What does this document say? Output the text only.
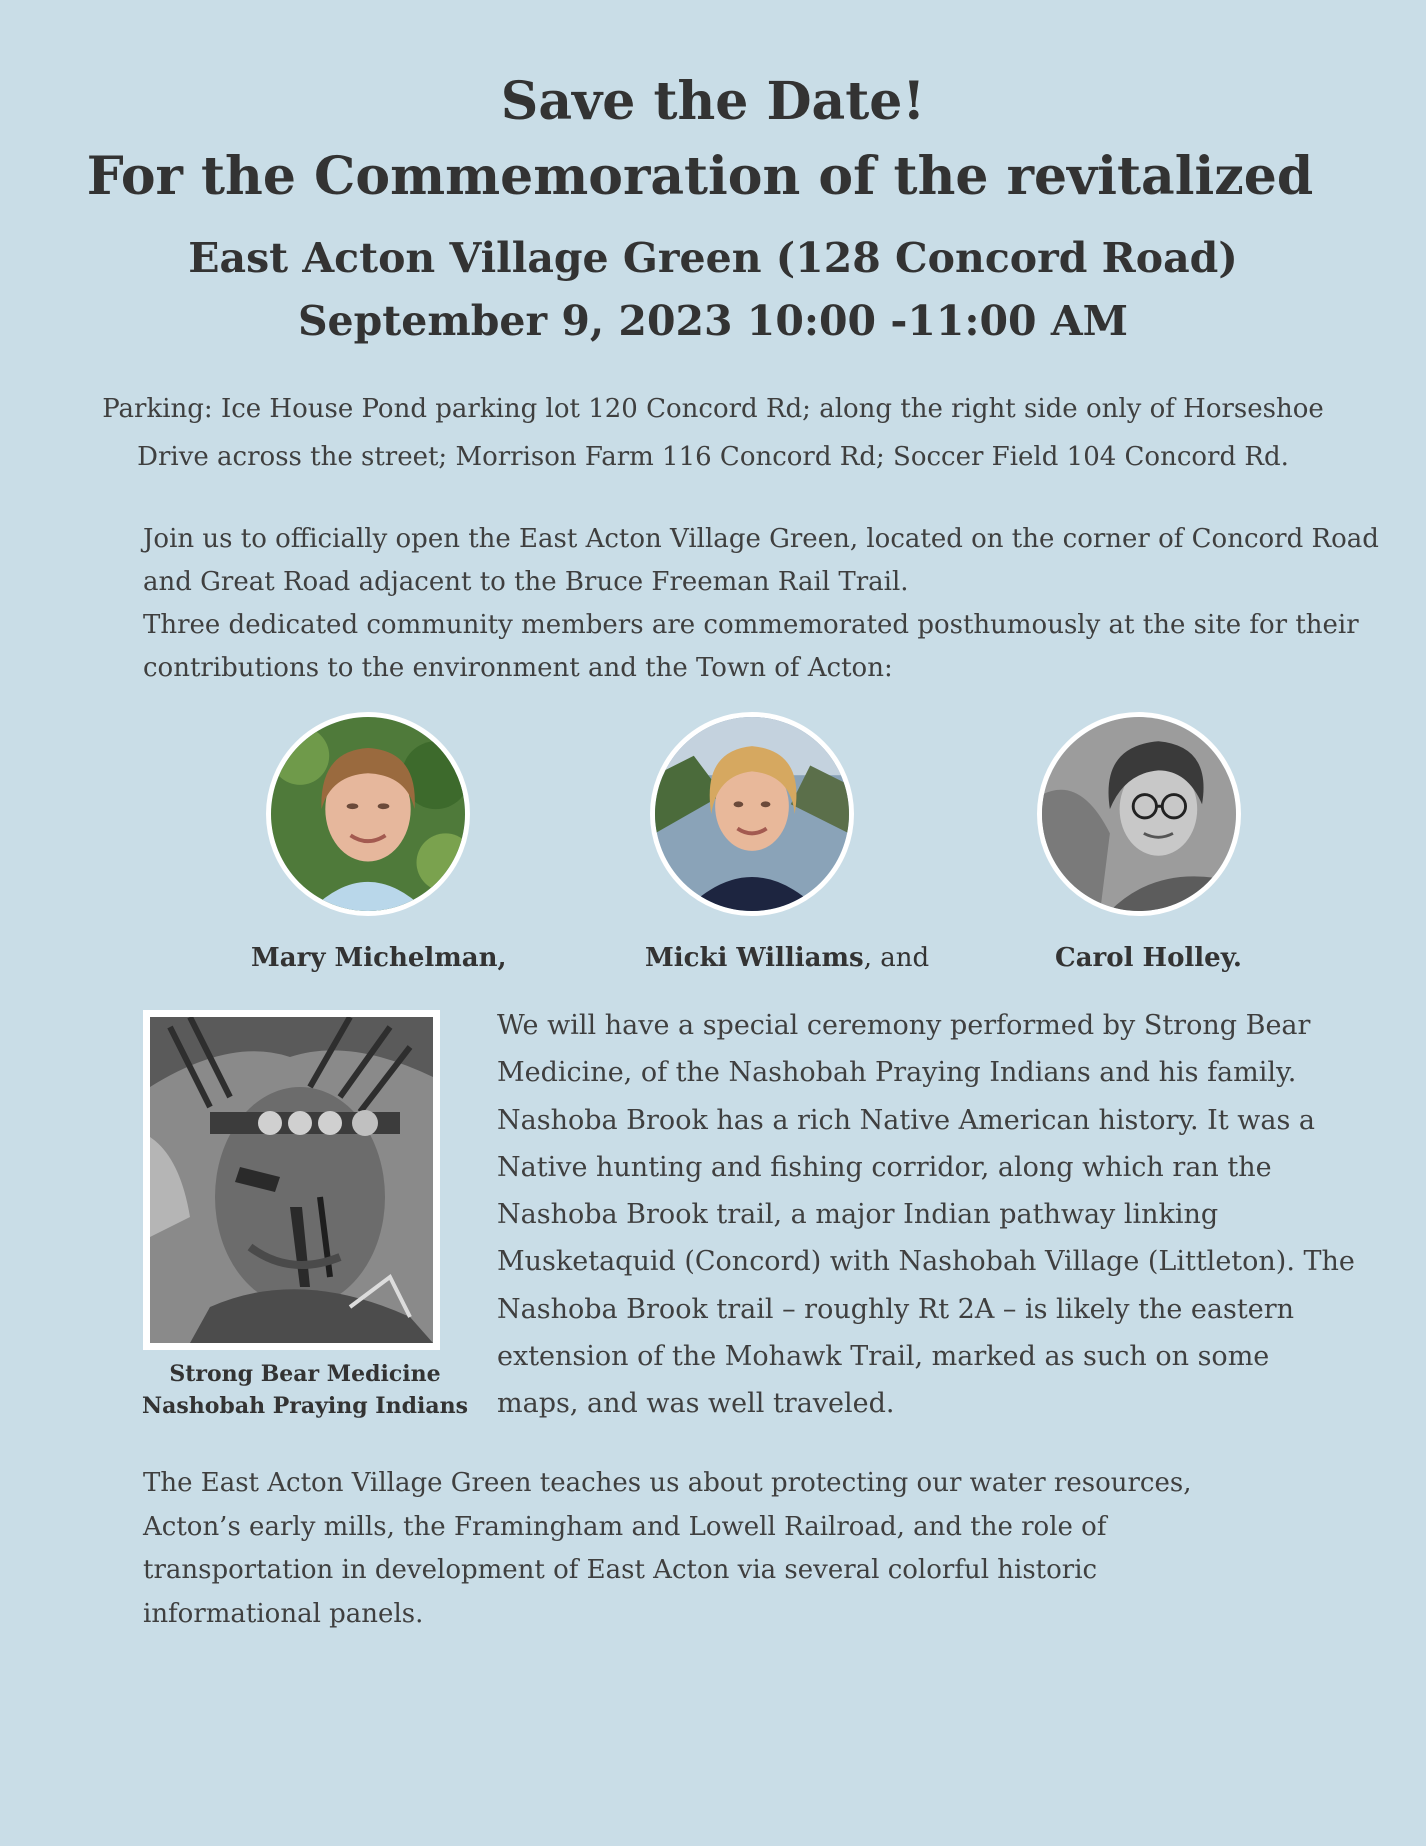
Save the Date!
For the Commemoration of the revitalized
East Acton Village Green (128 Concord Road)
September 9, 2023 10:00 -11:00 AM
Parking: Ice House Pond parking lot 120 Concord Rd; along the right side only of Horseshoe Drive across the street; Morrison Farm 116 Concord Rd; Soccer Field 104 Concord Rd.

Join us to officially open the East Acton Village Green, located on the corner of Concord Road and Great Road adjacent to the Bruce Freeman Rail Trail.

Three dedicated community members are commemorated posthumously at the site for their contributions to the environment and the Town of Acton:

Mary Michelman,	Micki Williams, and	Carol Holley.
Strong Bear Medicine
Nashobah Praying Indians
We will have a special ceremony performed by Strong Bear Medicine, of the Nashobah Praying Indians and his family. Nashoba Brook has a rich Native American history. It was a Native hunting and fishing corridor, along which ran the Nashoba Brook trail, a major Indian pathway linking Musketaquid (Concord) with Nashobah Village (Littleton). The Nashoba Brook trail – roughly Rt 2A – is likely the eastern extension of the Mohawk Trail, marked as such on some maps, and was well traveled.
The East Acton Village Green teaches us about protecting our water resources, Acton’s early mills, the Framingham and Lowell Railroad, and the role of transportation in development of East Acton via several colorful historic informational panels.
